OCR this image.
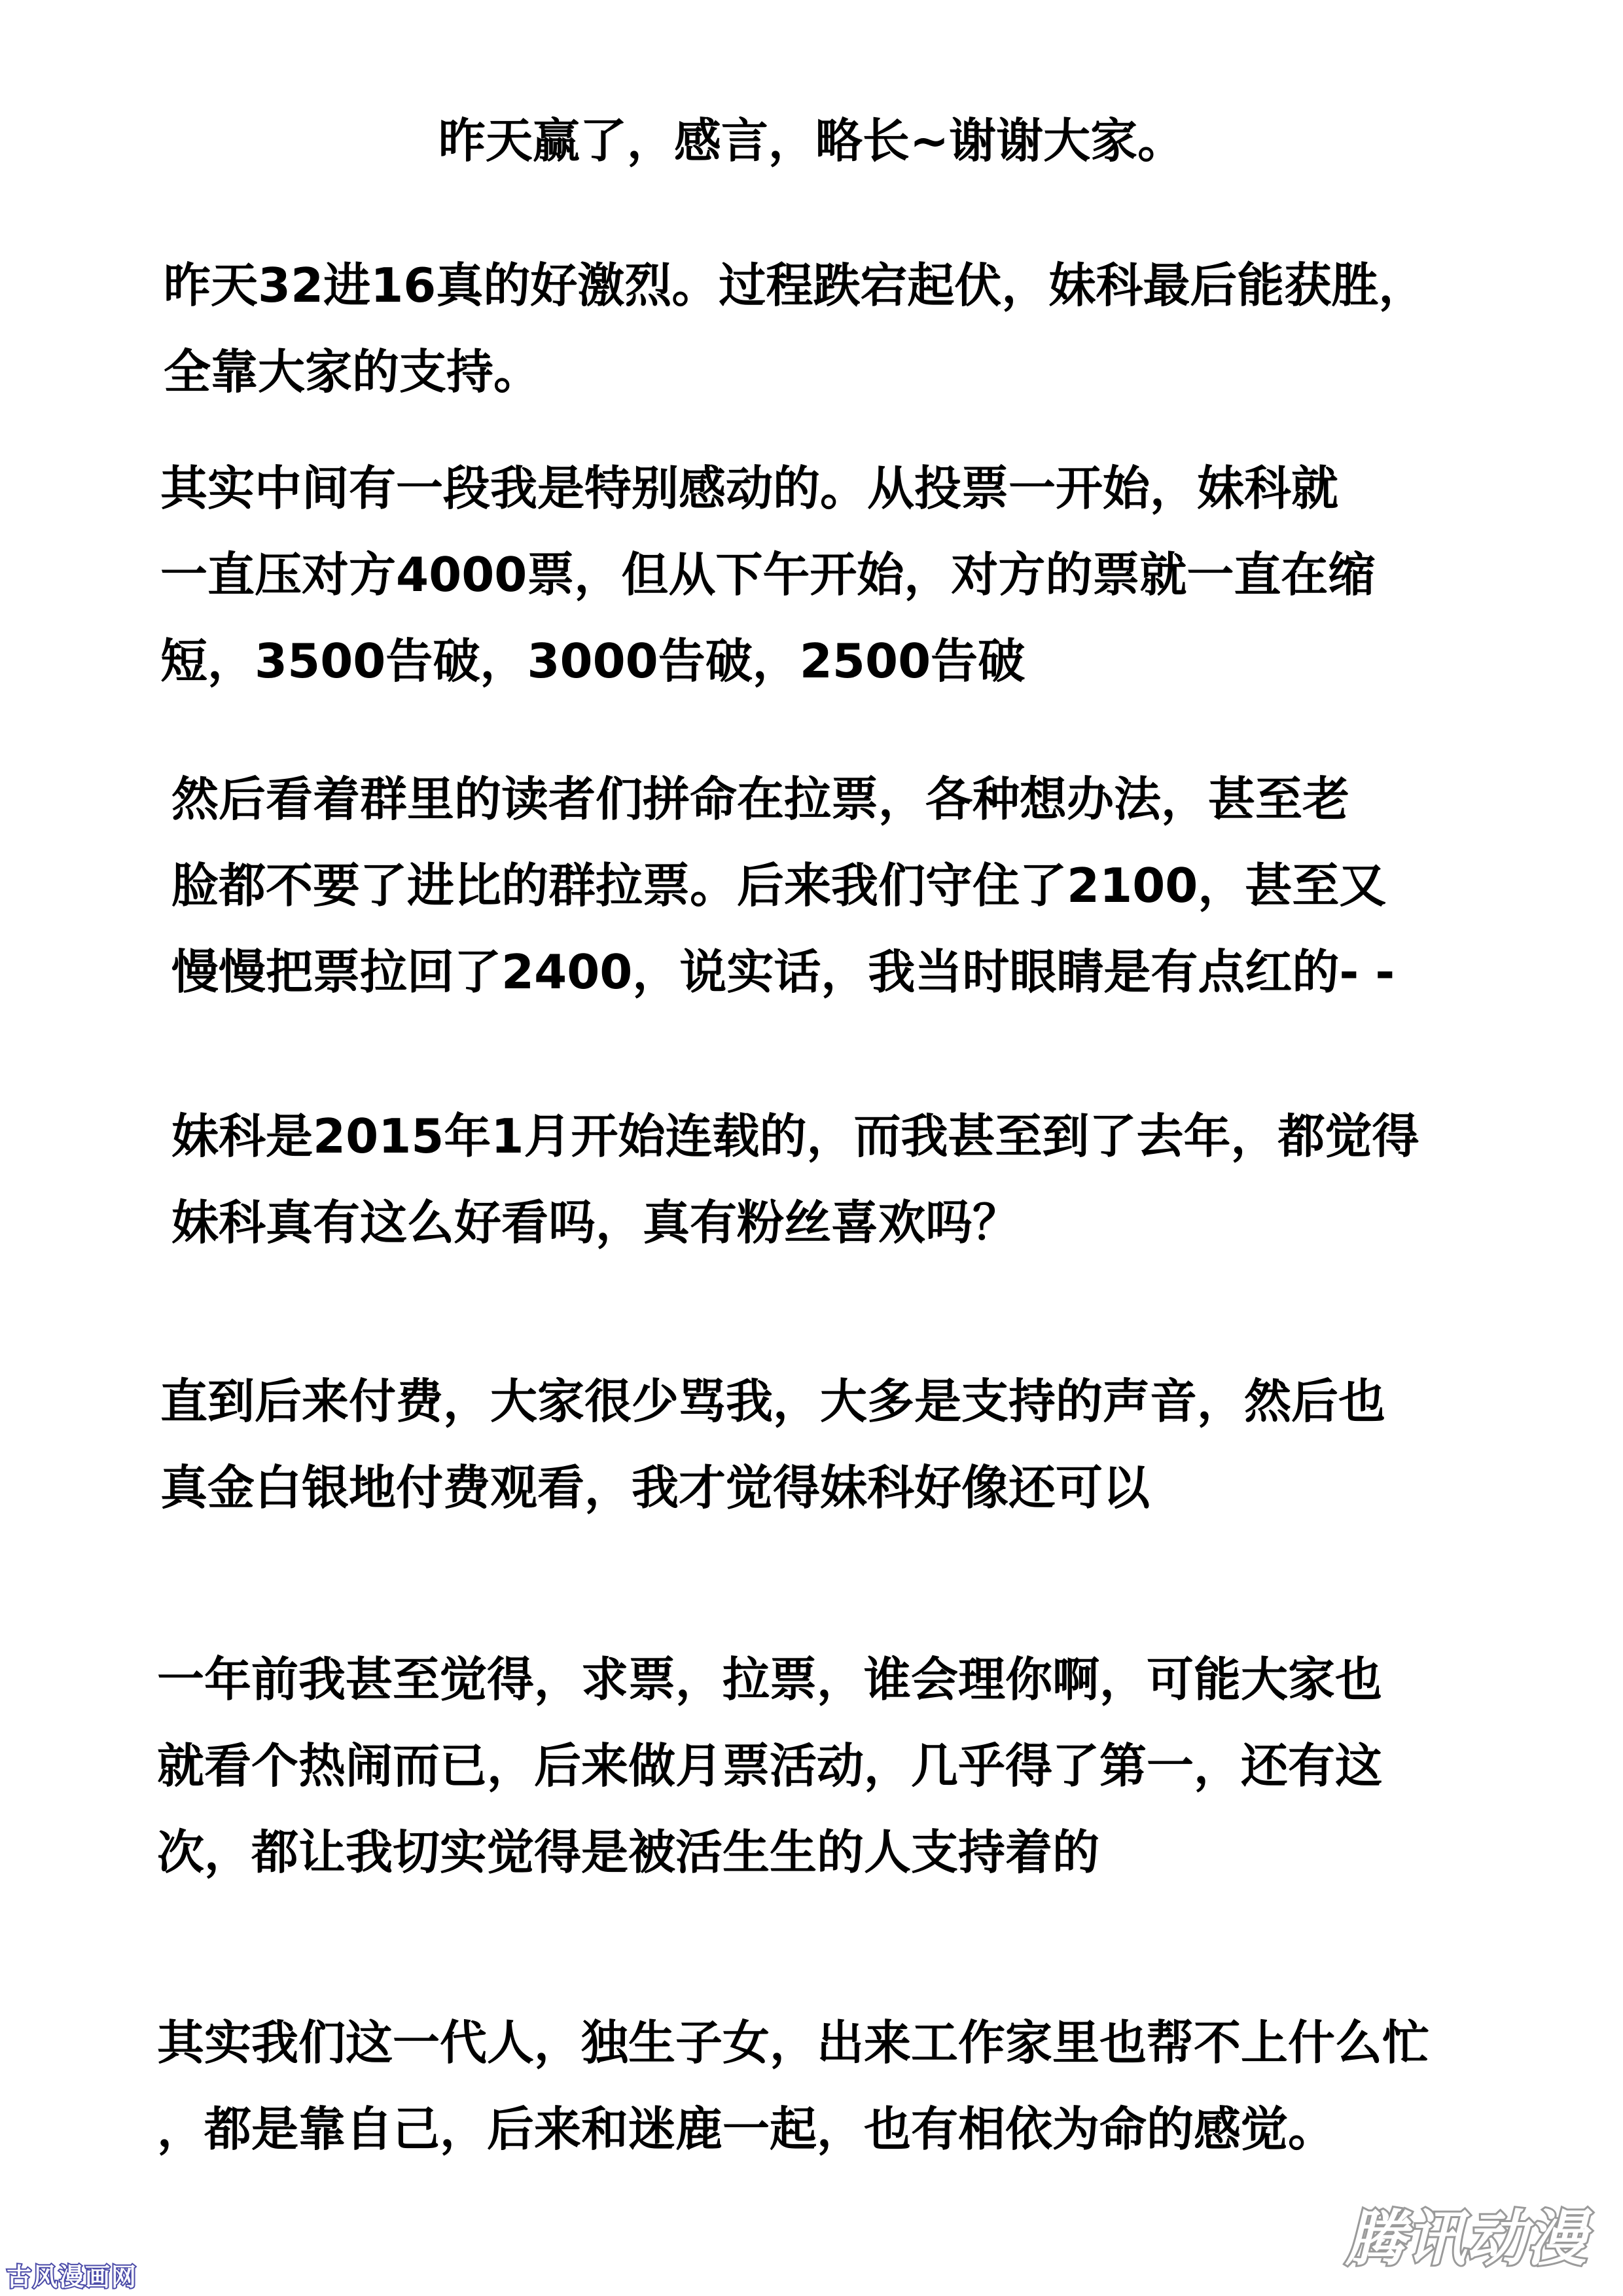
昨天赢了，感言，略长~谢谢大家。
昨天32进16真的好激烈。过程跌宕起伏，妹科最后能获胜，
全靠大家的支持。
其实中间有一段我是特别感动的。从投票一开始，妹科就
一直压对方4000票，但从下午开始，对方的票就一直在缩
短，3500告破，3000告破，2500告破
然后看着群里的读者们拼命在拉票，各种想办法，甚至老
脸都不要了进比的群拉票。后来我们守住了2100，甚至又
慢慢把票拉回了2400，说实话，我当时眼睛是有点红的- -
妹科是2015年1月开始连载的，而我甚至到了去年，都觉得
妹科真有这么好看吗，真有粉丝喜欢吗？
直到后来付费，大家很少骂我，大多是支持的声音，然后也
真金白银地付费观看，我才觉得妹科好像还可以
一年前我甚至觉得，求票，拉票，谁会理你啊，可能大家也
就看个热闹而已，后来做月票活动，几乎得了第一，还有这
次，都让我切实觉得是被活生生的人支持着的
其实我们这一代人，独生子女，出来工作家里也帮不上什么忙
，都是靠自己，后来和迷鹿一起，也有相依为命的感觉。
古风漫画网
腾讯动漫
